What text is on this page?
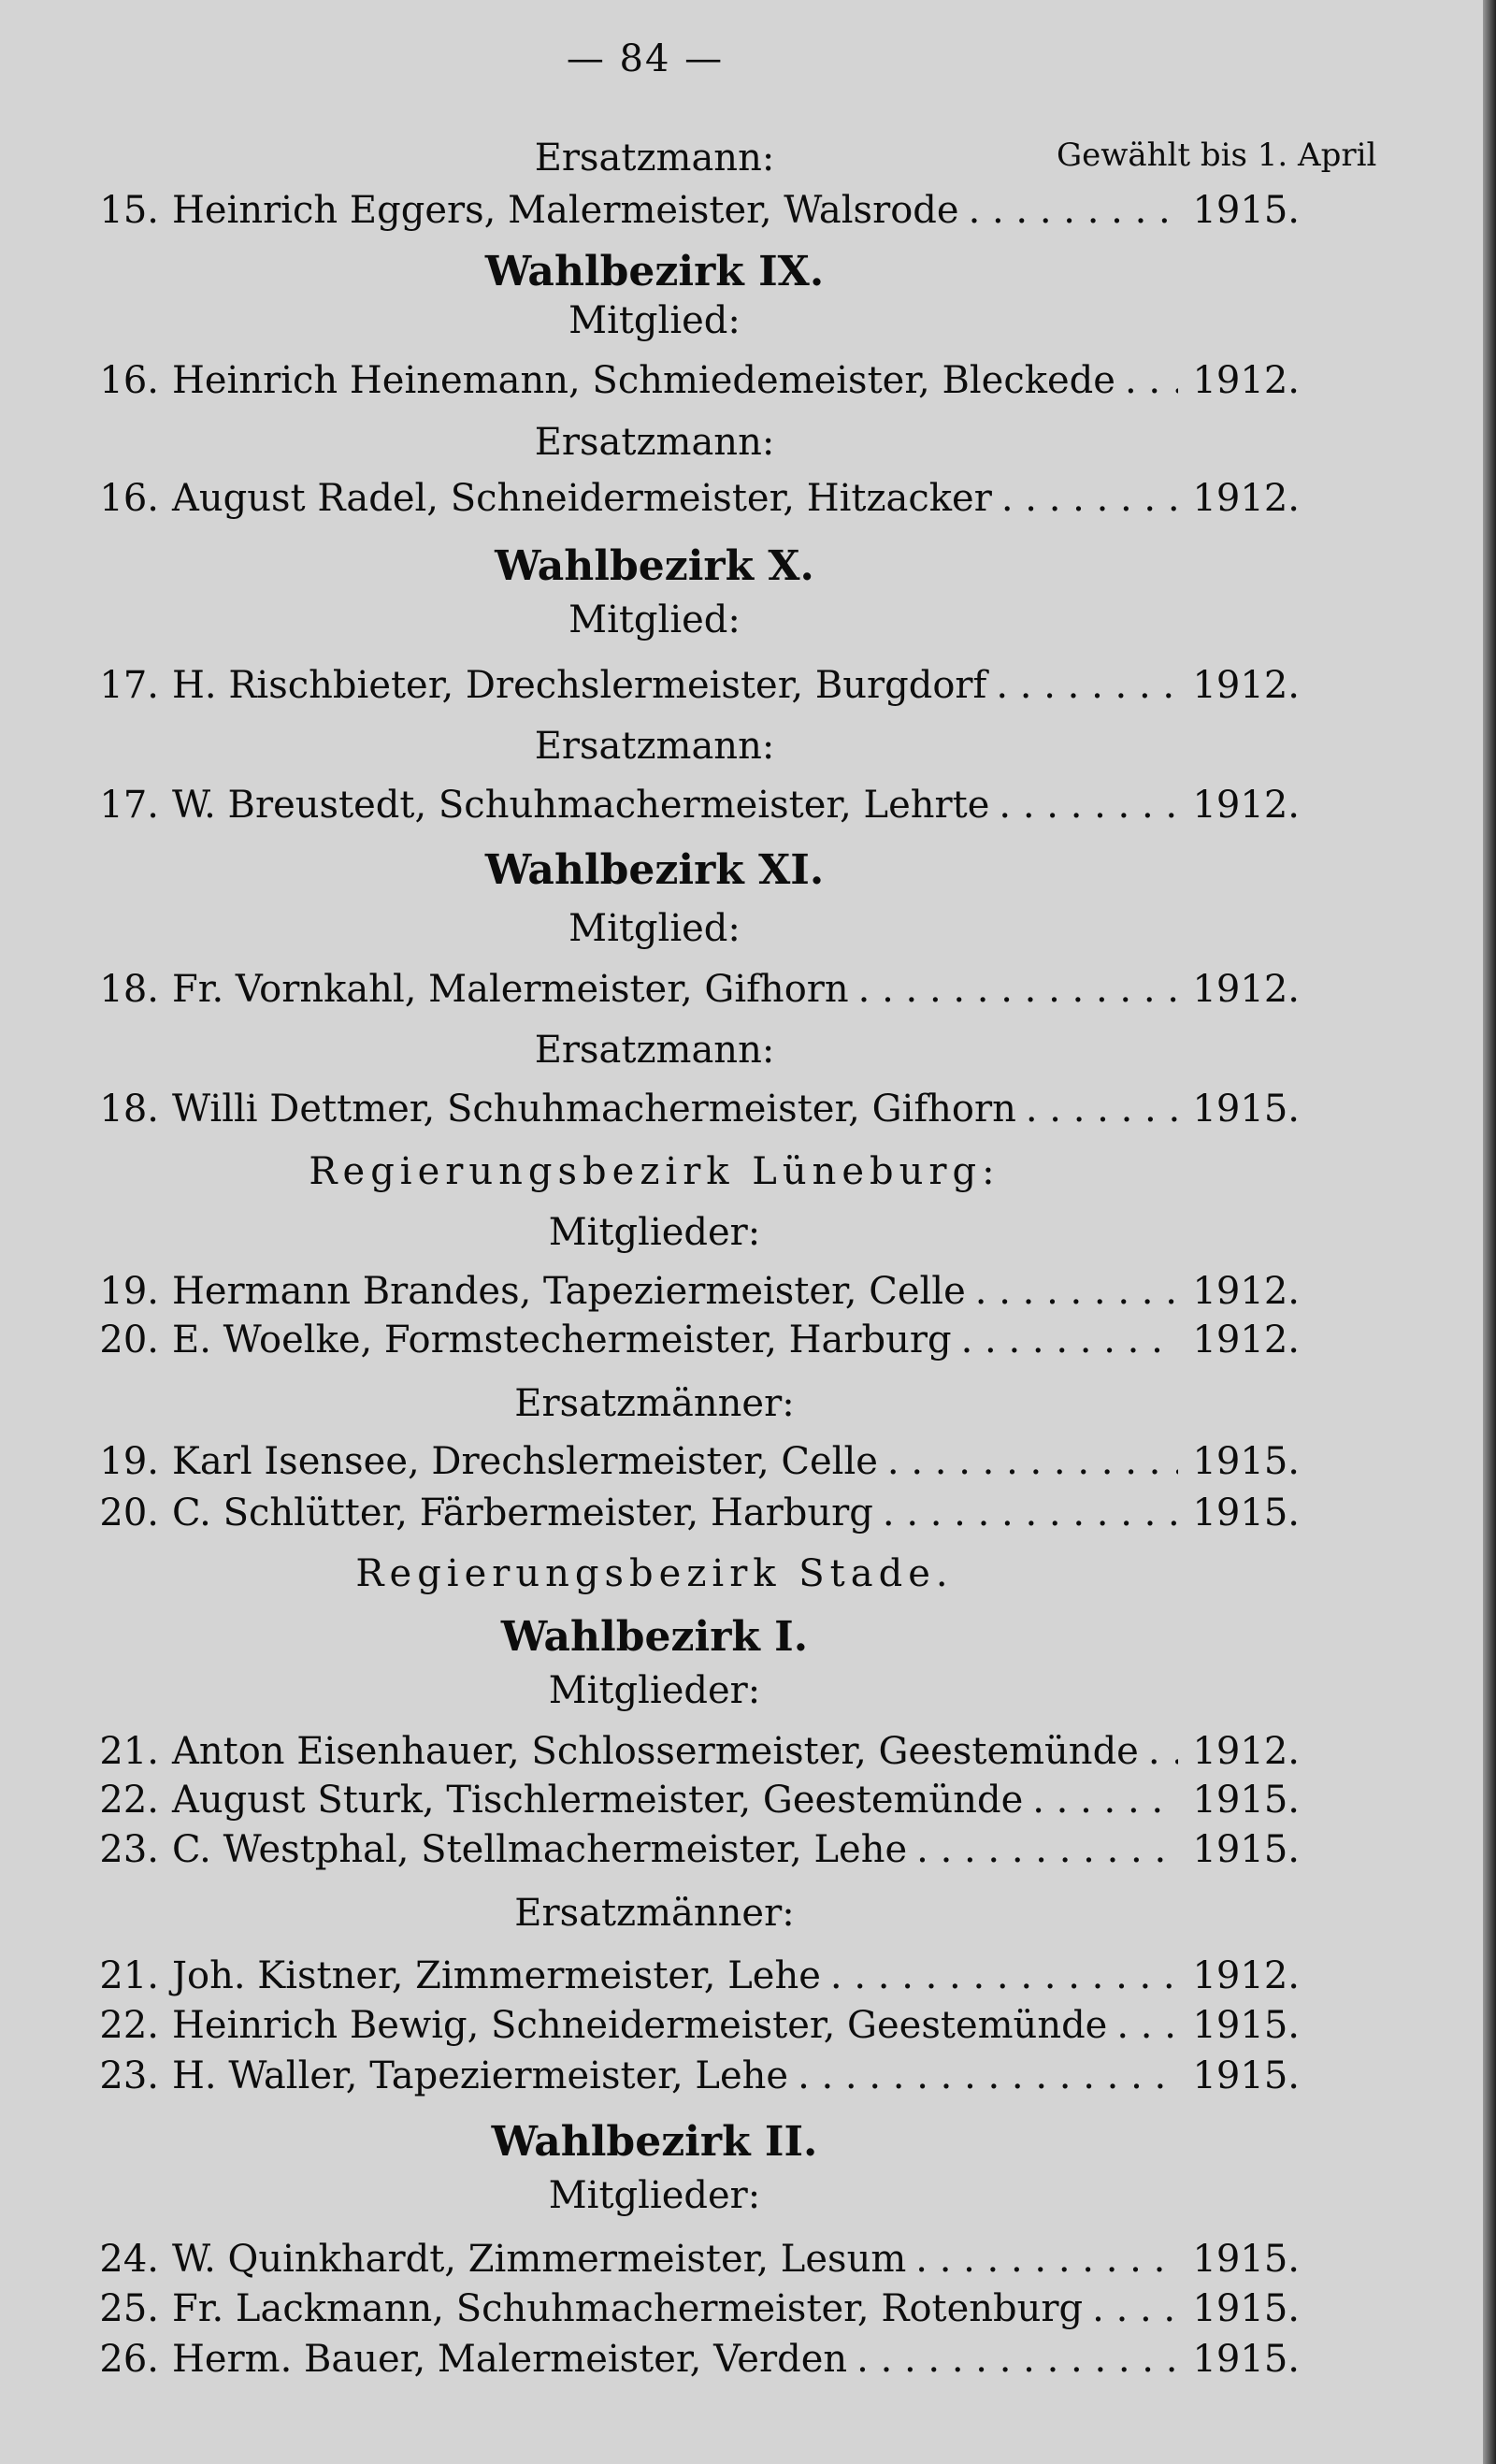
— 84 —
Gewählt bis 1. April
Ersatzmann:
15. Heinrich Eggers, Malermeister, Walsrode . . .	1915.
Wahlbezirk IX.
Mitglied:
16. Heinrich Heinemann, Schmiedemeister, Bleckede . . . 1912.
Ersatzmann:
16. August Radel, Schneidermeister, Hitzacker . . .	1912.
Wahlbezirk X.
Mitglied:
17. H. Rischbieter, Drechslermeister, Burgdorf . . .	1912.
Ersatzmann:
17. W. Breustedt, Schuhmachermeister, Lehrte . . .	1912.
Wahlbezirk XI.
Mitglied:
18. Fr. Vornkahl, Malermeister, Gifhorn . . .	1912.
Ersatzmann:
18. Willi Dettmer, Schuhmachermeister, Gifhorn . . .	1915.
Regierungsbezirk Lüneburg:
Mitglieder:
19. Hermann Brandes, Tapeziermeister, Celle . . .	1912.
20. E. Woelke, Formstechermeister, Harburg . . .	1912.
Ersatzmänner:
19. Karl Isensee, Drechslermeister, Celle . . .	1915.
20. C. Schlütter, Färbermeister, Harburg . . .	1915.
Regierungsbezirk Stade.
Wahlbezirk I.
Mitglieder:
21. Anton Eisenhauer, Schlossermeister, Geestemünde . . . 1912.
22. August Sturk, Tischlermeister, Geestemünde . . .	1915.
23. C. Westphal, Stellmachermeister, Lehe . . .	1915.
Ersatzmänner:
21. Joh. Kistner, Zimmermeister, Lehe . . .	1912.
22. Heinrich Bewig, Schneidermeister, Geestemünde . . . 1915.
23. H. Waller, Tapeziermeister, Lehe . . .	1915.
Wahlbezirk II.
Mitglieder:
24. W. Quinkhardt, Zimmermeister, Lesum . . .	1915.
25. Fr. Lackmann, Schuhmachermeister, Rotenburg . . .	1915.
26. Herm. Bauer, Malermeister, Verden . . .	1915.
